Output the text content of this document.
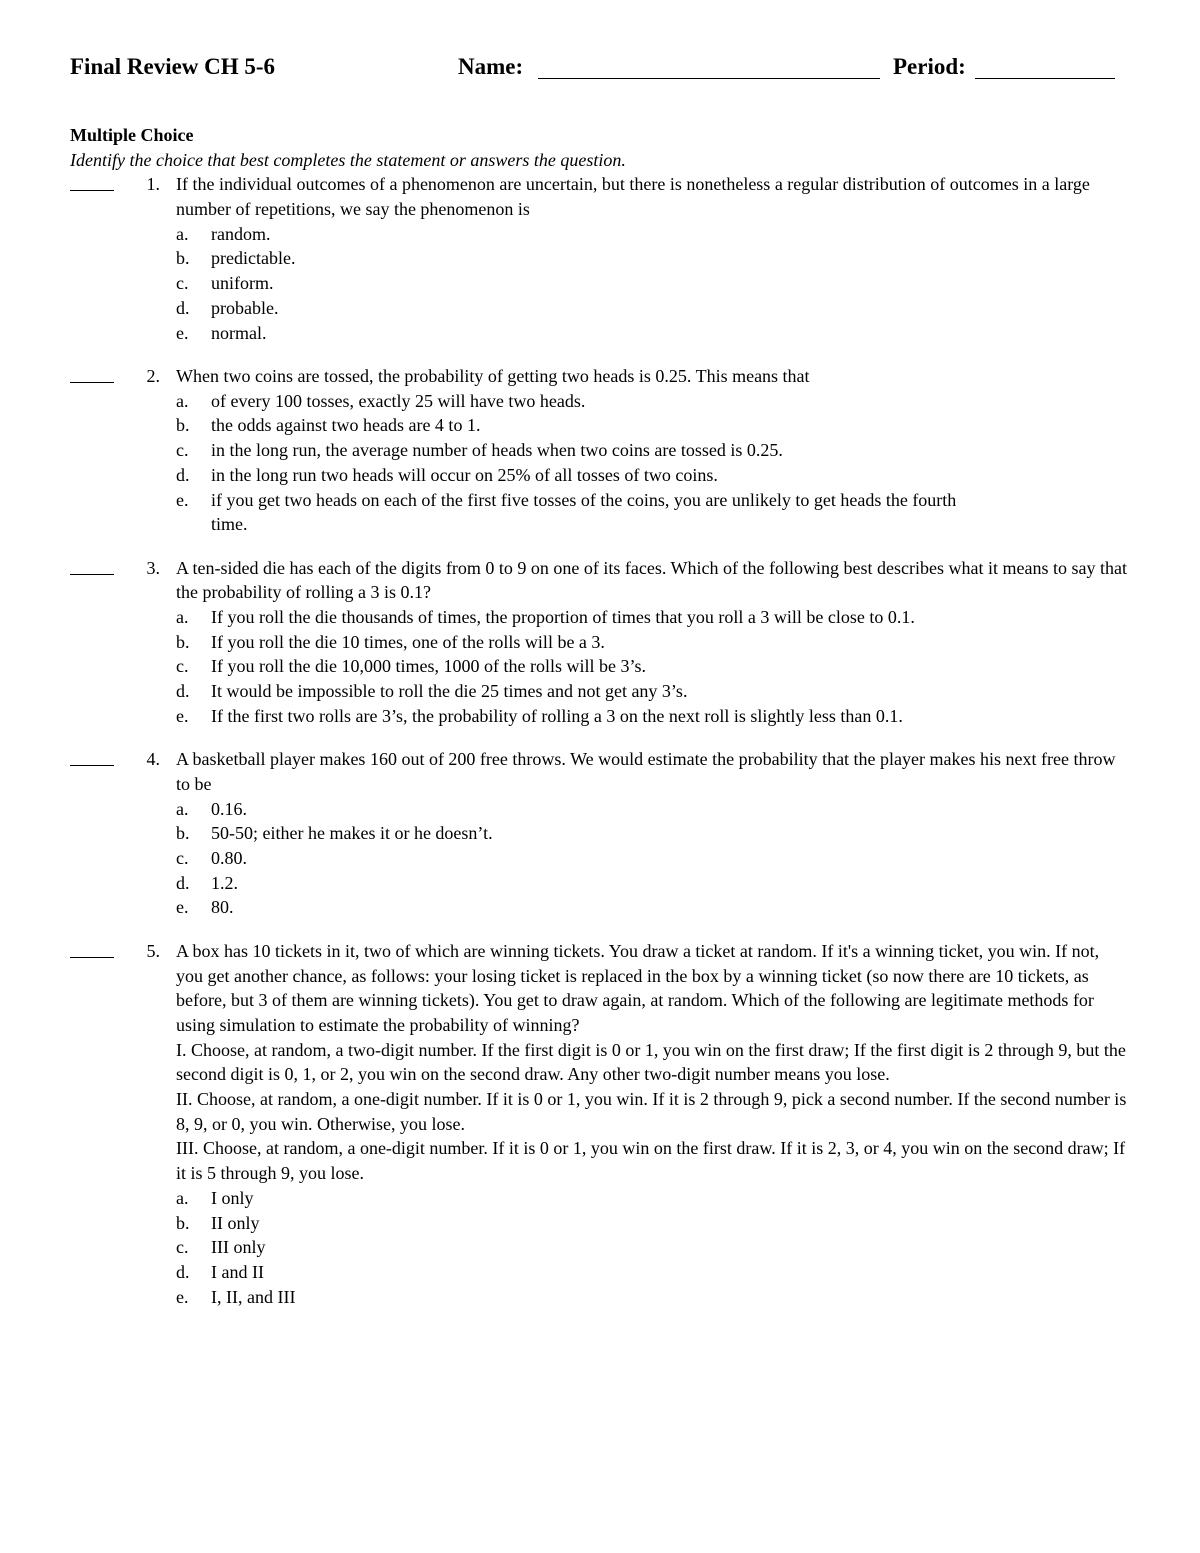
Final Review CH 5-6	Name:	Period:
Multiple Choice
Identify the choice that best completes the statement or answers the question.
1. If the individual outcomes of a phenomenon are uncertain, but there is nonetheless a regular distribution of outcomes in a large number of repetitions, we say the phenomenon is

a. random.
b. predictable.
c. uniform.
d. probable.
e. normal.
2. When two coins are tossed, the probability of getting two heads is 0.25. This means that

a. of every 100 tosses, exactly 25 will have two heads.
b. the odds against two heads are 4 to 1.
c. in the long run, the average number of heads when two coins are tossed is 0.25.
d. in the long run two heads will occur on 25% of all tosses of two coins.
e. if you get two heads on each of the first five tosses of the coins, you are unlikely to get heads the fourth time.
3. A ten-sided die has each of the digits from 0 to 9 on one of its faces. Which of the following best describes what it means to say that the probability of rolling a 3 is 0.1?

a. If you roll the die thousands of times, the proportion of times that you roll a 3 will be close to 0.1.
b. If you roll the die 10 times, one of the rolls will be a 3.
c. If you roll the die 10,000 times, 1000 of the rolls will be 3’s.
d. It would be impossible to roll the die 25 times and not get any 3’s.
e. If the first two rolls are 3’s, the probability of rolling a 3 on the next roll is slightly less than 0.1.
4. A basketball player makes 160 out of 200 free throws. We would estimate the probability that the player makes his next free throw to be

a. 0.16.
b. 50-50; either he makes it or he doesn’t.
c. 0.80.
d. 1.2.
e. 80.
5. A box has 10 tickets in it, two of which are winning tickets. You draw a ticket at random. If it's a winning ticket, you win. If not, you get another chance, as follows: your losing ticket is replaced in the box by a winning ticket (so now there are 10 tickets, as before, but 3 of them are winning tickets). You get to draw again, at random. Which of the following are legitimate methods for using simulation to estimate the probability of winning?

I. Choose, at random, a two-digit number. If the first digit is 0 or 1, you win on the first draw; If the first digit is 2 through 9, but the second digit is 0, 1, or 2, you win on the second draw. Any other two-digit number means you lose.

II. Choose, at random, a one-digit number. If it is 0 or 1, you win. If it is 2 through 9, pick a second number. If the second number is 8, 9, or 0, you win. Otherwise, you lose.

III. Choose, at random, a one-digit number. If it is 0 or 1, you win on the first draw. If it is 2, 3, or 4, you win on the second draw; If it is 5 through 9, you lose.

a. I only
b. II only
c. III only
d. I and II
e. I, II, and III
